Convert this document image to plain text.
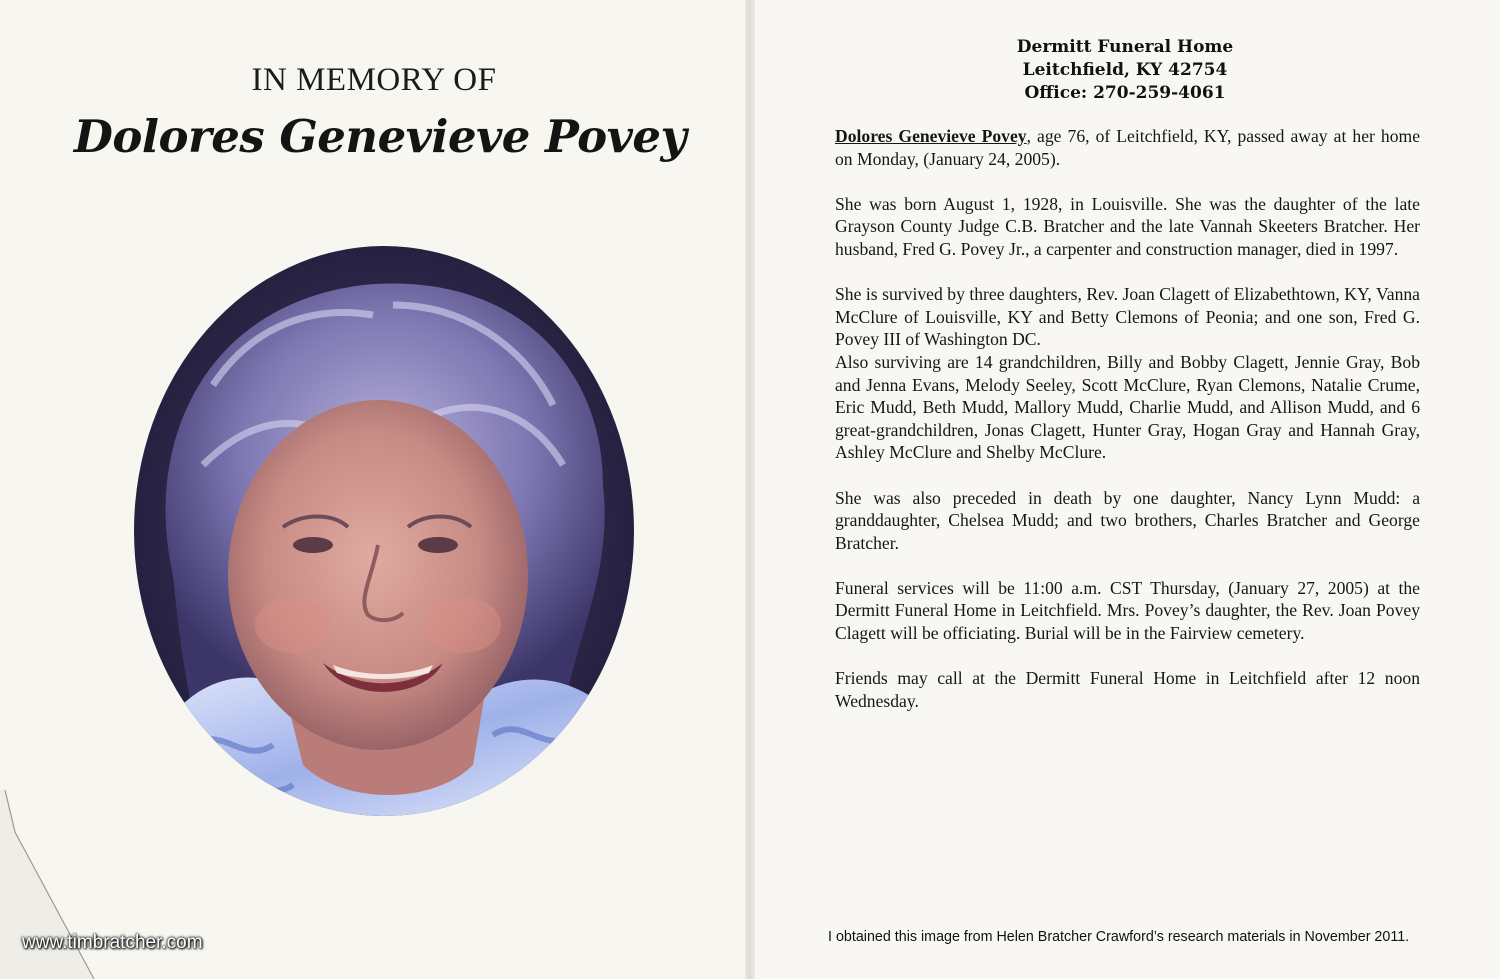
IN MEMORY OF
Dolores Genevieve Povey
Dermitt Funeral Home
Leitchfield, KY 42754
Office: 270-259-4061

Dolores Genevieve Povey, age 76, of Leitchfield, KY, passed away at her home on Monday, (January 24, 2005).

She was born August 1, 1928, in Louisville. She was the daughter of the late Grayson County Judge C.B. Bratcher and the late Vannah Skeeters Bratcher. Her husband, Fred G. Povey Jr., a carpenter and construction manager, died in 1997.

She is survived by three daughters, Rev. Joan Clagett of Elizabethtown, KY, Vanna McClure of Louisville, KY and Betty Clemons of Peonia; and one son, Fred G. Povey III of Washington DC.

Also surviving are 14 grandchildren, Billy and Bobby Clagett, Jennie Gray, Bob and Jenna Evans, Melody Seeley, Scott McClure, Ryan Clemons, Natalie Crume, Eric Mudd, Beth Mudd, Mallory Mudd, Charlie Mudd, and Allison Mudd, and 6 great-grandchildren, Jonas Clagett, Hunter Gray, Hogan Gray and Hannah Gray, Ashley McClure and Shelby McClure.

She was also preceded in death by one daughter, Nancy Lynn Mudd: a granddaughter, Chelsea Mudd; and two brothers, Charles Bratcher and George Bratcher.

Funeral services will be 11:00 a.m. CST Thursday, (January 27, 2005) at the Dermitt Funeral Home in Leitchfield. Mrs. Povey’s daughter, the Rev. Joan Povey Clagett will be officiating. Burial will be in the Fairview cemetery.

Friends may call at the Dermitt Funeral Home in Leitchfield after 12 noon Wednesday.

www.timbratcher.com	I obtained this image from Helen Bratcher Crawford’s research materials in November 2011.
